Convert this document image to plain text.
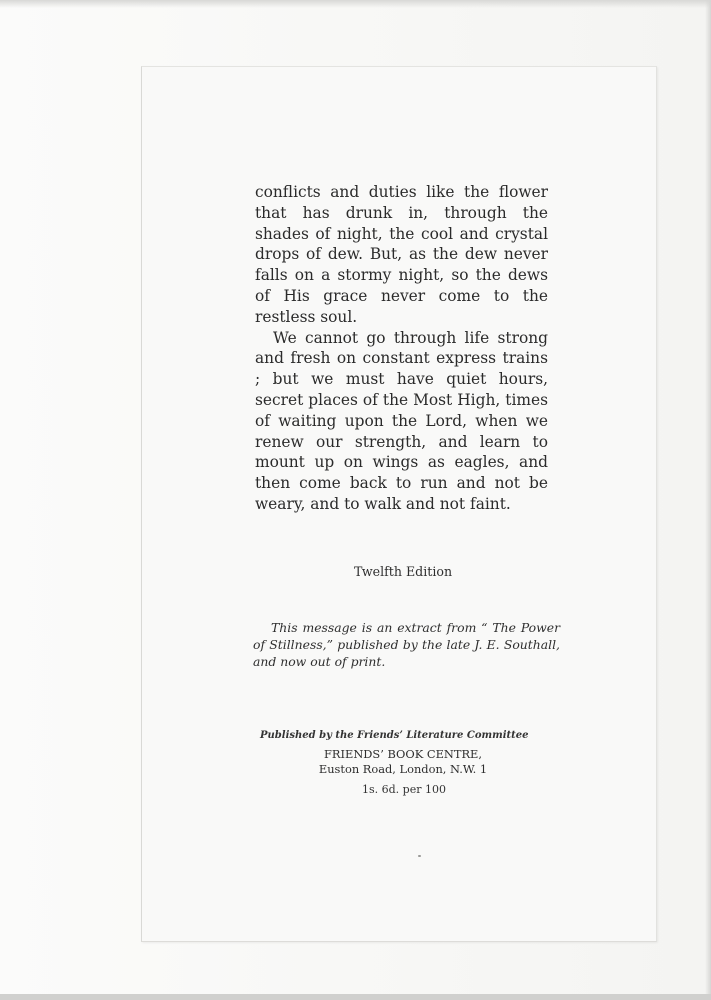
conflicts and duties like the flower that has drunk in, through the shades of night, the cool and crystal drops of dew. But, as the dew never falls on a stormy night, so the dews of His grace never come to the restless soul.

We cannot go through life strong and fresh on constant express trains ; but we must have quiet hours, secret places of the Most High, times of waiting upon the Lord, when we renew our strength, and learn to mount up on wings as eagles, and then come back to run and not be weary, and to walk and not faint.

Twelfth Edition

This message is an extract from “ The Power of Stillness,” published by the late J. E. Southall, and now out of print.

Published by the Friends’ Literature Committee
FRIENDS’ BOOK CENTRE,
Euston Road, London, N.W. 1
1s. 6d. per 100
